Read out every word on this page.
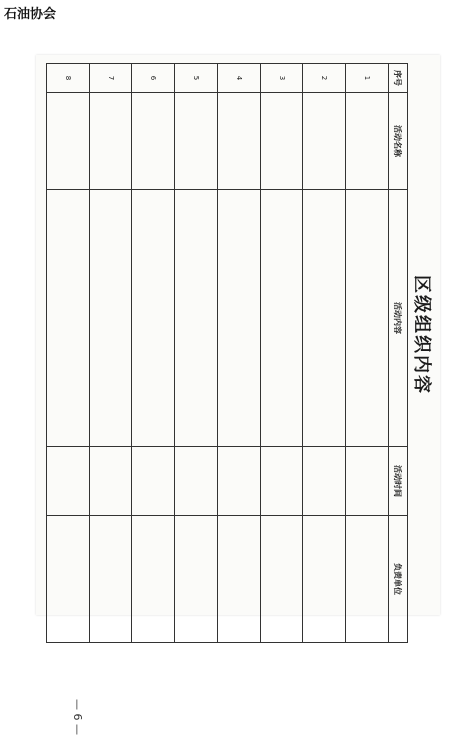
石油协会
区级组织内容
序号	活动名称	活动内容	活动时间	负责单位
1				
2				
3				
4				
5				
6				
7				
8				
— 6 —
